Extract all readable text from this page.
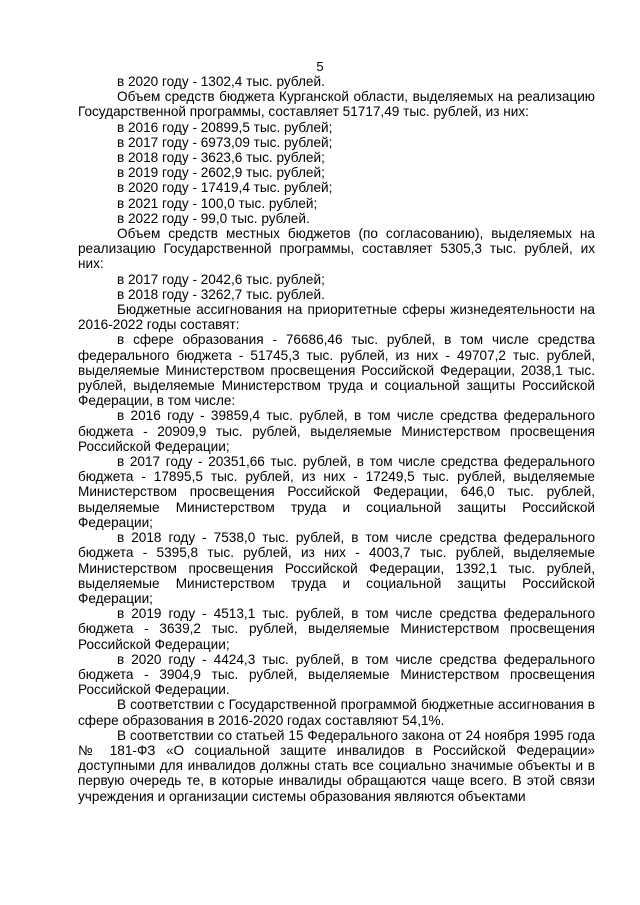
5

в 2020 году - 1302,4 тыс. рублей.

Объем средств бюджета Курганской области, выделяемых на реализацию Государственной программы, составляет 51717,49 тыс. рублей, из них:

в 2016 году - 20899,5 тыс. рублей;

в 2017 году - 6973,09 тыс. рублей;

в 2018 году - 3623,6 тыс. рублей;

в 2019 году - 2602,9 тыс. рублей;

в 2020 году - 17419,4 тыс. рублей;

в 2021 году - 100,0 тыс. рублей;

в 2022 году - 99,0 тыс. рублей.

Объем средств местных бюджетов (по согласованию), выделяемых на реализацию Государственной программы, составляет 5305,3 тыс. рублей, их них:

в 2017 году - 2042,6 тыс. рублей;

в 2018 году - 3262,7 тыс. рублей.

Бюджетные ассигнования на приоритетные сферы жизнедеятельности на 2016-2022 годы составят:

в сфере образования - 76686,46 тыс. рублей, в том числе средства федерального бюджета - 51745,3 тыс. рублей, из них - 49707,2 тыс. рублей, выделяемые Министерством просвещения Российской Федерации, 2038,1 тыс. рублей, выделяемые Министерством труда и социальной защиты Российской Федерации, в том числе:

в 2016 году - 39859,4 тыс. рублей, в том числе средства федерального бюджета - 20909,9 тыс. рублей, выделяемые Министерством просвещения Российской Федерации;

в 2017 году - 20351,66 тыс. рублей, в том числе средства федерального бюджета - 17895,5 тыс. рублей, из них - 17249,5 тыс. рублей, выделяемые Министерством просвещения Российской Федерации, 646,0 тыс. рублей, выделяемые Министерством труда и социальной защиты Российской Федерации;

в 2018 году - 7538,0 тыс. рублей, в том числе средства федерального бюджета - 5395,8 тыс. рублей, из них - 4003,7 тыс. рублей, выделяемые Министерством просвещения Российской Федерации, 1392,1 тыс. рублей, выделяемые Министерством труда и социальной защиты Российской Федерации;

в 2019 году - 4513,1 тыс. рублей, в том числе средства федерального бюджета - 3639,2 тыс. рублей, выделяемые Министерством просвещения Российской Федерации;

в 2020 году - 4424,3 тыс. рублей, в том числе средства федерального бюджета - 3904,9 тыс. рублей, выделяемые Министерством просвещения Российской Федерации.

В соответствии с Государственной программой бюджетные ассигнования в сфере образования в 2016-2020 годах составляют 54,1%.

В соответствии со статьей 15 Федерального закона от 24 ноября 1995 года № 181-ФЗ «О социальной защите инвалидов в Российской Федерации» доступными для инвалидов должны стать все социально значимые объекты и в первую очередь те, в которые инвалиды обращаются чаще всего. В этой связи учреждения и организации системы образования являются объектами
